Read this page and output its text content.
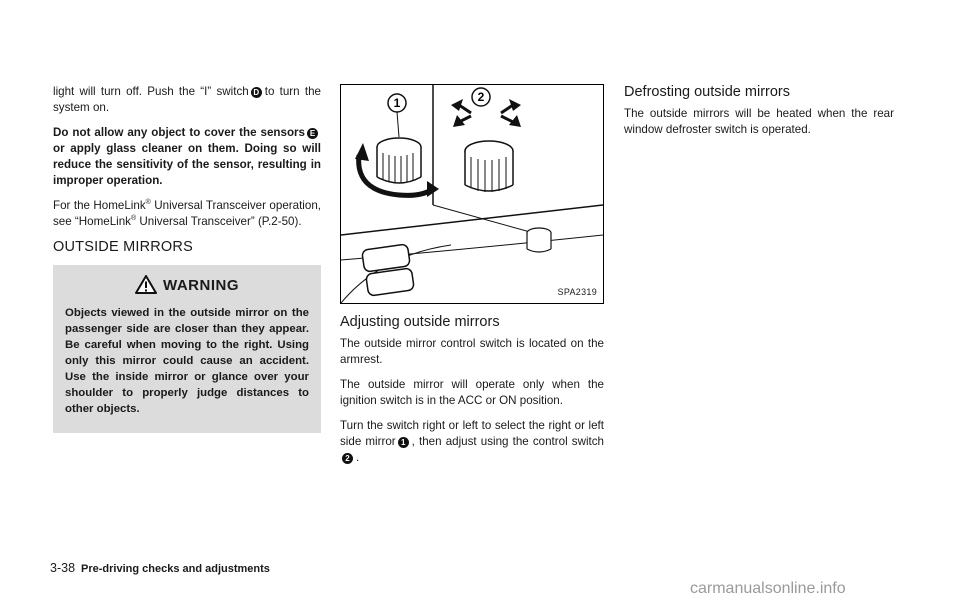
light will turn off. Push the “I” switch D to turn the system on.

Do not allow any object to cover the sensors Eor apply glass cleaner on them. Doing so will reduce the sensitivity of the sensor, resulting in improper operation.

For the HomeLink® Universal Transceiver operation, see “HomeLink® Universal Transceiver” (P.2-50).

OUTSIDE MIRRORS
WARNING

Objects viewed in the outside mirror on the passenger side are closer than they appear. Be careful when moving to the right. Using only this mirror could cause an accident. Use the inside mirror or glance over your shoulder to properly judge distances to other objects.

1	2
SPA2319
Adjusting outside mirrors

The outside mirror control switch is located on the armrest.

The outside mirror will operate only when the ignition switch is in the ACC or ON position.

Turn the switch right or left to select the right or left side mirror 1 , then adjust using the control switch2 .

Defrosting outside mirrors

The outside mirrors will be heated when the rear window defroster switch is operated.

3-38 Pre-driving checks and adjustments
carmanualsonline.info
